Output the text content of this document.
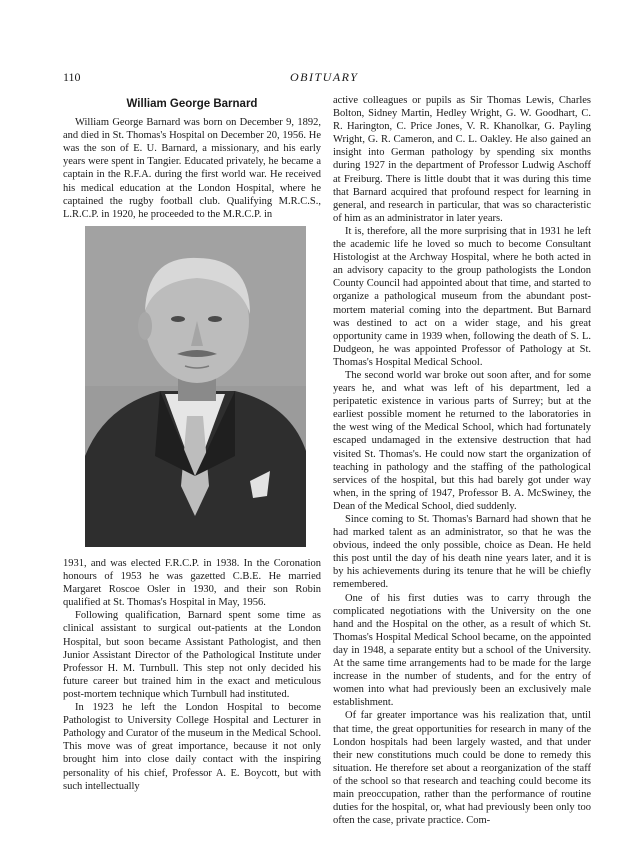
110	OBITUARY
William George Barnard

William George Barnard was born on December 9, 1892, and died in St. Thomas's Hospital on December 20, 1956. He was the son of E. U. Barnard, a missionary, and his early years were spent in Tangier. Educated privately, he became a captain in the R.F.A. during the first world war. He received his medical education at the London Hospital, where he captained the rugby football club. Qualifying M.R.C.S., L.R.C.P. in 1920, he proceeded to the M.R.C.P. in

1931, and was elected F.R.C.P. in 1938. In the Coronation honours of 1953 he was gazetted C.B.E. He married Margaret Roscoe Osler in 1930, and their son Robin qualified at St. Thomas's Hospital in May, 1956.

Following qualification, Barnard spent some time as clinical assistant to surgical out-patients at the London Hospital, but soon became Assistant Pathologist, and then Junior Assistant Director of the Pathological Institute under Professor H. M. Turnbull. This step not only decided his future career but trained him in the exact and meticulous post-mortem technique which Turnbull had instituted.

In 1923 he left the London Hospital to become Pathologist to University College Hospital and Lecturer in Pathology and Curator of the museum in the Medical School. This move was of great importance, because it not only brought him into close daily contact with the inspiring personality of his chief, Professor A. E. Boycott, but with such intellectually

active colleagues or pupils as Sir Thomas Lewis, Charles Bolton, Sidney Martin, Hedley Wright, G. W. Goodhart, C. R. Harington, C. Price Jones, V. R. Khanolkar, G. Payling Wright, G. R. Cameron, and C. L. Oakley. He also gained an insight into German pathology by spending six months during 1927 in the department of Professor Ludwig Aschoff at Freiburg. There is little doubt that it was during this time that Barnard acquired that profound respect for learning in general, and research in particular, that was so characteristic of him as an administrator in later years.

It is, therefore, all the more surprising that in 1931 he left the academic life he loved so much to become Consultant Histologist at the Archway Hospital, where he both acted in an advisory capacity to the group pathologists the London County Council had appointed about that time, and started to organize a pathological museum from the abundant post-mortem material coming into the department. But Barnard was destined to act on a wider stage, and his great opportunity came in 1939 when, following the death of S. L. Dudgeon, he was appointed Professor of Pathology at St. Thomas's Hospital Medical School.

The second world war broke out soon after, and for some years he, and what was left of his department, led a peripatetic existence in various parts of Surrey; but at the earliest possible moment he returned to the laboratories in the west wing of the Medical School, which had fortunately escaped undamaged in the extensive destruction that had visited St. Thomas's. He could now start the organization of teaching in pathology and the staffing of the pathological services of the hospital, but this had barely got under way when, in the spring of 1947, Professor B. A. McSwiney, the Dean of the Medical School, died suddenly.

Since coming to St. Thomas's Barnard had shown that he had marked talent as an administrator, so that he was the obvious, indeed the only possible, choice as Dean. He held this post until the day of his death nine years later, and it is by his achievements during its tenure that he will be chiefly remembered.

One of his first duties was to carry through the complicated negotiations with the University on the one hand and the Hospital on the other, as a result of which St. Thomas's Hospital Medical School became, on the appointed day in 1948, a separate entity but a school of the University. At the same time arrangements had to be made for the large increase in the number of students, and for the entry of women into what had previously been an exclusively male establishment.

Of far greater importance was his realization that, until that time, the great opportunities for research in many of the London hospitals had been largely wasted, and that under their new constitutions much could be done to remedy this situation. He therefore set about a reorganization of the staff of the school so that research and teaching could become its main preoccupation, rather than the performance of routine duties for the hospital, or, what had previously been only too often the case, private practice. Com-
